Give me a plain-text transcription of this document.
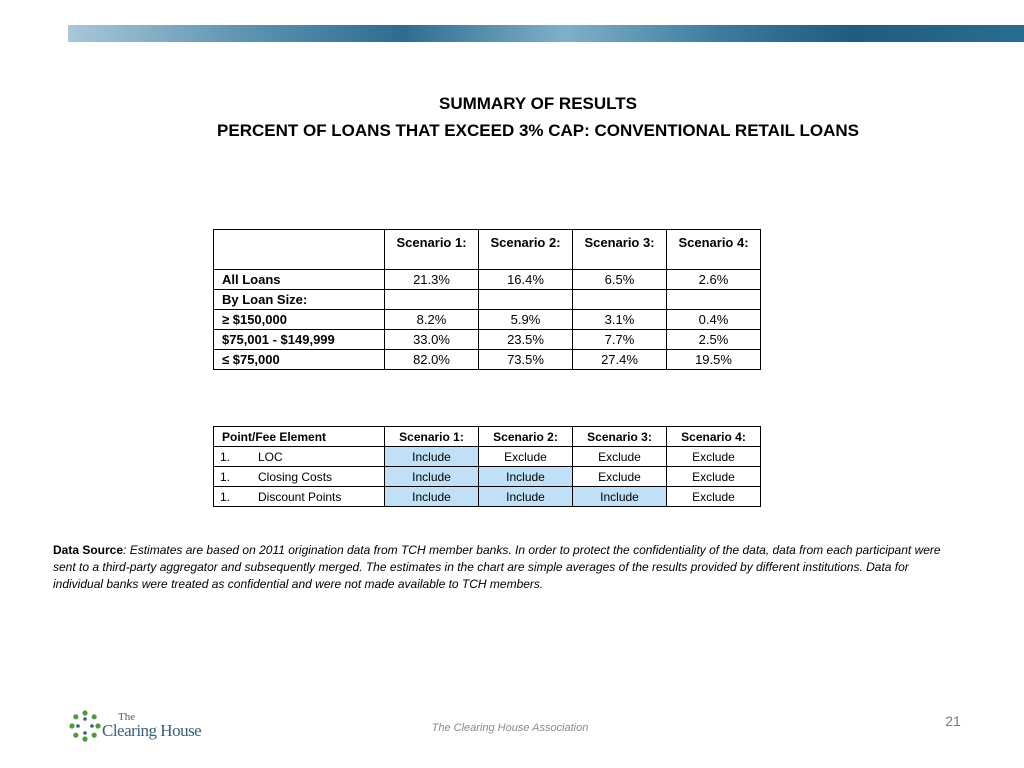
SUMMARY OF RESULTS
PERCENT OF LOANS THAT EXCEED 3% CAP: CONVENTIONAL RETAIL LOANS
	Scenario 1:	Scenario 2:	Scenario 3:	Scenario 4:
All Loans	21.3%	16.4%	6.5%	2.6%
By Loan Size:				
≥ $150,000	8.2%	5.9%	3.1%	0.4%
$75,001 - $149,999	33.0%	23.5%	7.7%	2.5%
≤ $75,000	82.0%	73.5%	27.4%	19.5%
Point/Fee Element	Scenario 1:	Scenario 2:	Scenario 3:	Scenario 4:
1. LOC	Include	Exclude	Exclude	Exclude
1. Closing Costs	Include	Include	Exclude	Exclude
1. Discount Points	Include	Include	Include	Exclude

Data Source: Estimates are based on 2011 origination data from TCH member banks. In order to protect the confidentiality of the data, data from each participant were sent to a third-party aggregator and subsequently merged. The estimates in the chart are simple averages of the results provided by different institutions. Data for individual banks were treated as confidential and were not made available to TCH members.

The
Clearing House	The Clearing House Association	21
